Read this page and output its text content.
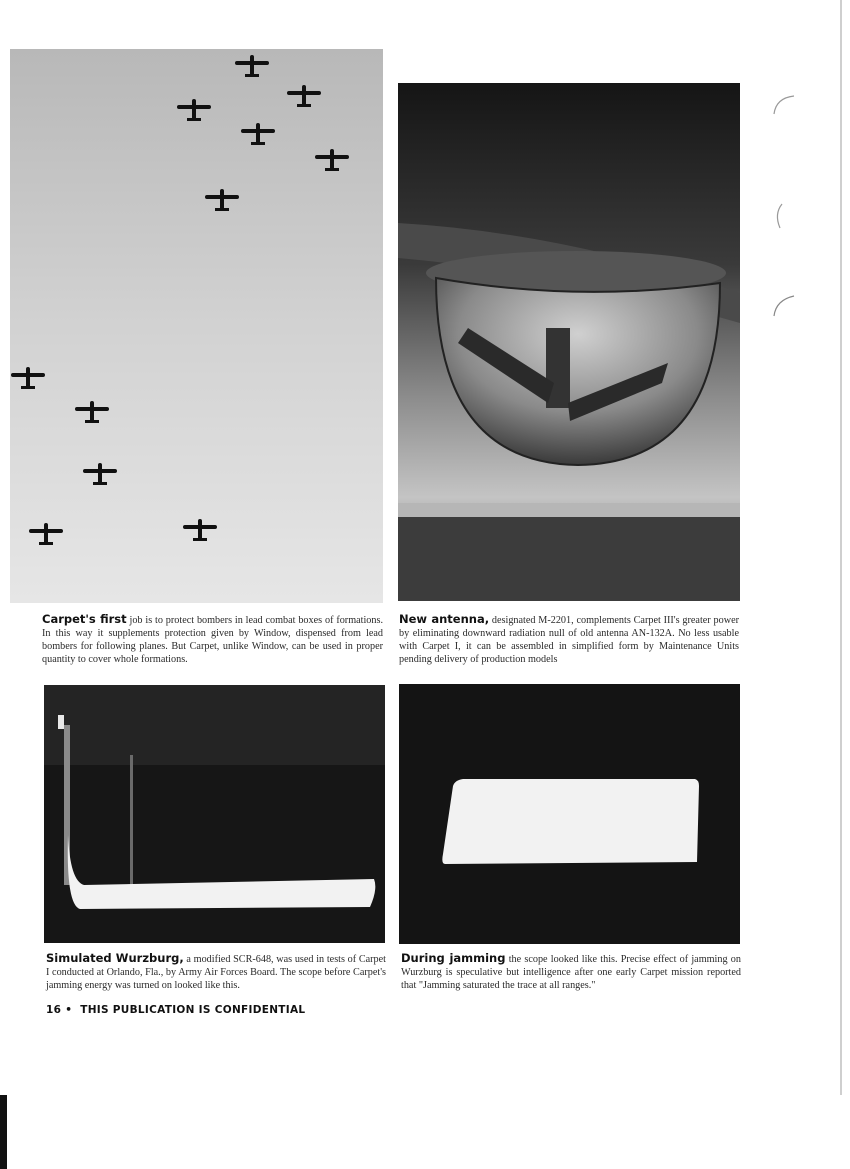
Carpet's first job is to protect bombers in lead combat boxes of formations. In this way it supplements protection given by Window, dispensed from lead bombers for following planes. But Carpet, unlike Window, can be used in proper quantity to cover whole formations.
New antenna, designated M-2201, complements Carpet III's greater power by eliminating downward radiation null of old antenna AN-132A. No less usable with Carpet I, it can be assembled in simplified form by Maintenance Units pending delivery of production models
Simulated Wurzburg, a modified SCR-648, was used in tests of Carpet I conducted at Orlando, Fla., by Army Air Forces Board. The scope before Carpet's jamming energy was turned on looked like this.
During jamming the scope looked like this. Precise effect of jamming on Wurzburg is speculative but intelligence after one early Carpet mission reported that "Jamming saturated the trace at all ranges."
16 • THIS PUBLICATION IS CONFIDENTIAL
